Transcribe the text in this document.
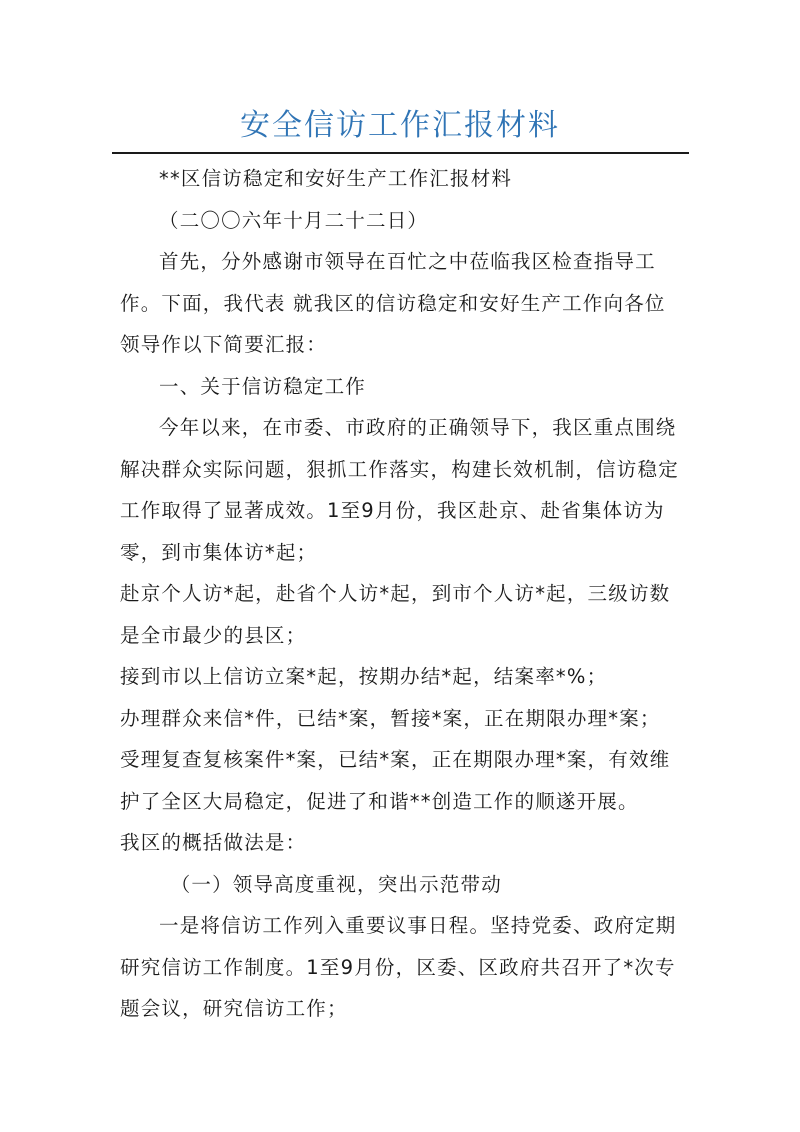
安全信访工作汇报材料

**区信访稳定和安好生产工作汇报材料

（二〇〇六年十月二十二日）

首先，分外感谢市领导在百忙之中莅临我区检查指导工作。下面，我代表 就我区的信访稳定和安好生产工作向各位领导作以下简要汇报：

一、关于信访稳定工作

今年以来，在市委、市政府的正确领导下，我区重点围绕解决群众实际问题，狠抓工作落实，构建长效机制，信访稳定工作取得了显著成效。1至9月份，我区赴京、赴省集体访为零，到市集体访*起；

赴京个人访*起，赴省个人访*起，到市个人访*起，三级访数是全市最少的县区；

接到市以上信访立案*起，按期办结*起，结案率*%；

办理群众来信*件，已结*案，暂接*案，正在期限办理*案；

受理复查复核案件*案，已结*案，正在期限办理*案，有效维护了全区大局稳定，促进了和谐**创造工作的顺遂开展。

我区的概括做法是：

（一）领导高度重视，突出示范带动

一是将信访工作列入重要议事日程。坚持党委、政府定期研究信访工作制度。1至9月份，区委、区政府共召开了*次专题会议，研究信访工作；
